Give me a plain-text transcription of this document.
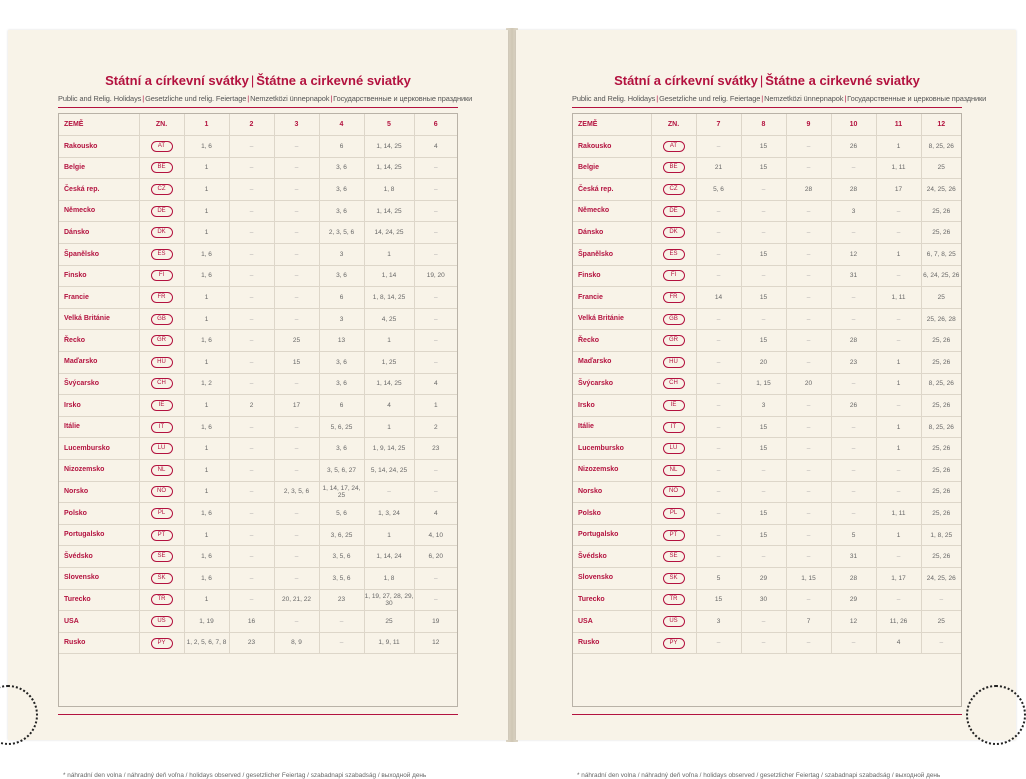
Státní a církevní svátky | Štátne a cirkevné sviatky
Public and Relig. Holidays|Gesetzliche und relig. Feiertage|Nemzetközi ünnepnapok|Государственные и церковные праздники
ZEMĚ	ZN.	1	2	3	4	5	6
Rakousko	AT	1, 6	–	–	6	1, 14, 25	4
Belgie	BE	1	–	–	3, 6	1, 14, 25	–
Česká rep.	CZ	1	–	–	3, 6	1, 8	–
Německo	DE	1	–	–	3, 6	1, 14, 25	–
Dánsko	DK	1	–	–	2, 3, 5, 6	14, 24, 25	–
Španělsko	ES	1, 6	–	–	3	1	–
Finsko	FI	1, 6	–	–	3, 6	1, 14	19, 20
Francie	FR	1	–	–	6	1, 8, 14, 25	–
Velká Británie	GB	1	–	–	3	4, 25	–
Řecko	GR	1, 6	–	25	13	1	–
Maďarsko	HU	1	–	15	3, 6	1, 25	–
Švýcarsko	CH	1, 2	–	–	3, 6	1, 14, 25	4
Irsko	IE	1	2	17	6	4	1
Itálie	IT	1, 6	–	–	5, 6, 25	1	2
Lucembursko	LU	1	–	–	3, 6	1, 9, 14, 25	23
Nizozemsko	NL	1	–	–	3, 5, 6, 27	5, 14, 24, 25	–
Norsko	NO	1	–	2, 3, 5, 6	1, 14, 17, 24, 25	–	–
Polsko	PL	1, 6	–	–	5, 6	1, 3, 24	4
Portugalsko	PT	1	–	–	3, 6, 25	1	4, 10
Švédsko	SE	1, 6	–	–	3, 5, 6	1, 14, 24	6, 20
Slovensko	SK	1, 6	–	–	3, 5, 6	1, 8	–
Turecko	TR	1	–	20, 21, 22	23	1, 19, 27, 28, 29, 30	–
USA	US	1, 19	16	–	–	25	19
Rusko	PY	1, 2, 5, 6, 7, 8	23	8, 9	–	1, 9, 11	12
* náhradní den volna / náhradný deň voľna / holidays observed / gesetzlicher Feiertag / szabadnapi szabadság / выходной день
Státní a církevní svátky | Štátne a cirkevné sviatky
Public and Relig. Holidays|Gesetzliche und relig. Feiertage|Nemzetközi ünnepnapok|Государственные и церковные праздники
ZEMĚ	ZN.	7	8	9	10	11	12
Rakousko	AT	–	15	–	26	1	8, 25, 26
Belgie	BE	21	15	–	–	1, 11	25
Česká rep.	CZ	5, 6	–	28	28	17	24, 25, 26
Německo	DE	–	–	–	3	–	25, 26
Dánsko	DK	–	–	–	–	–	25, 26
Španělsko	ES	–	15	–	12	1	6, 7, 8, 25
Finsko	FI	–	–	–	31	–	6, 24, 25, 26
Francie	FR	14	15	–	–	1, 11	25
Velká Británie	GB	–	–	–	–	–	25, 26, 28
Řecko	GR	–	15	–	28	–	25, 26
Maďarsko	HU	–	20	–	23	1	25, 26
Švýcarsko	CH	–	1, 15	20	–	1	8, 25, 26
Irsko	IE	–	3	–	26	–	25, 26
Itálie	IT	–	15	–	–	1	8, 25, 26
Lucembursko	LU	–	15	–	–	1	25, 26
Nizozemsko	NL	–	–	–	–	–	25, 26
Norsko	NO	–	–	–	–	–	25, 26
Polsko	PL	–	15	–	–	1, 11	25, 26
Portugalsko	PT	–	15	–	5	1	1, 8, 25
Švédsko	SE	–	–	–	31	–	25, 26
Slovensko	SK	5	29	1, 15	28	1, 17	24, 25, 26
Turecko	TR	15	30	–	29	–	–
USA	US	3	–	7	12	11, 26	25
Rusko	PY	–	–	–	–	4	–
* náhradní den volna / náhradný deň voľna / holidays observed / gesetzlicher Feiertag / szabadnapi szabadság / выходной день
